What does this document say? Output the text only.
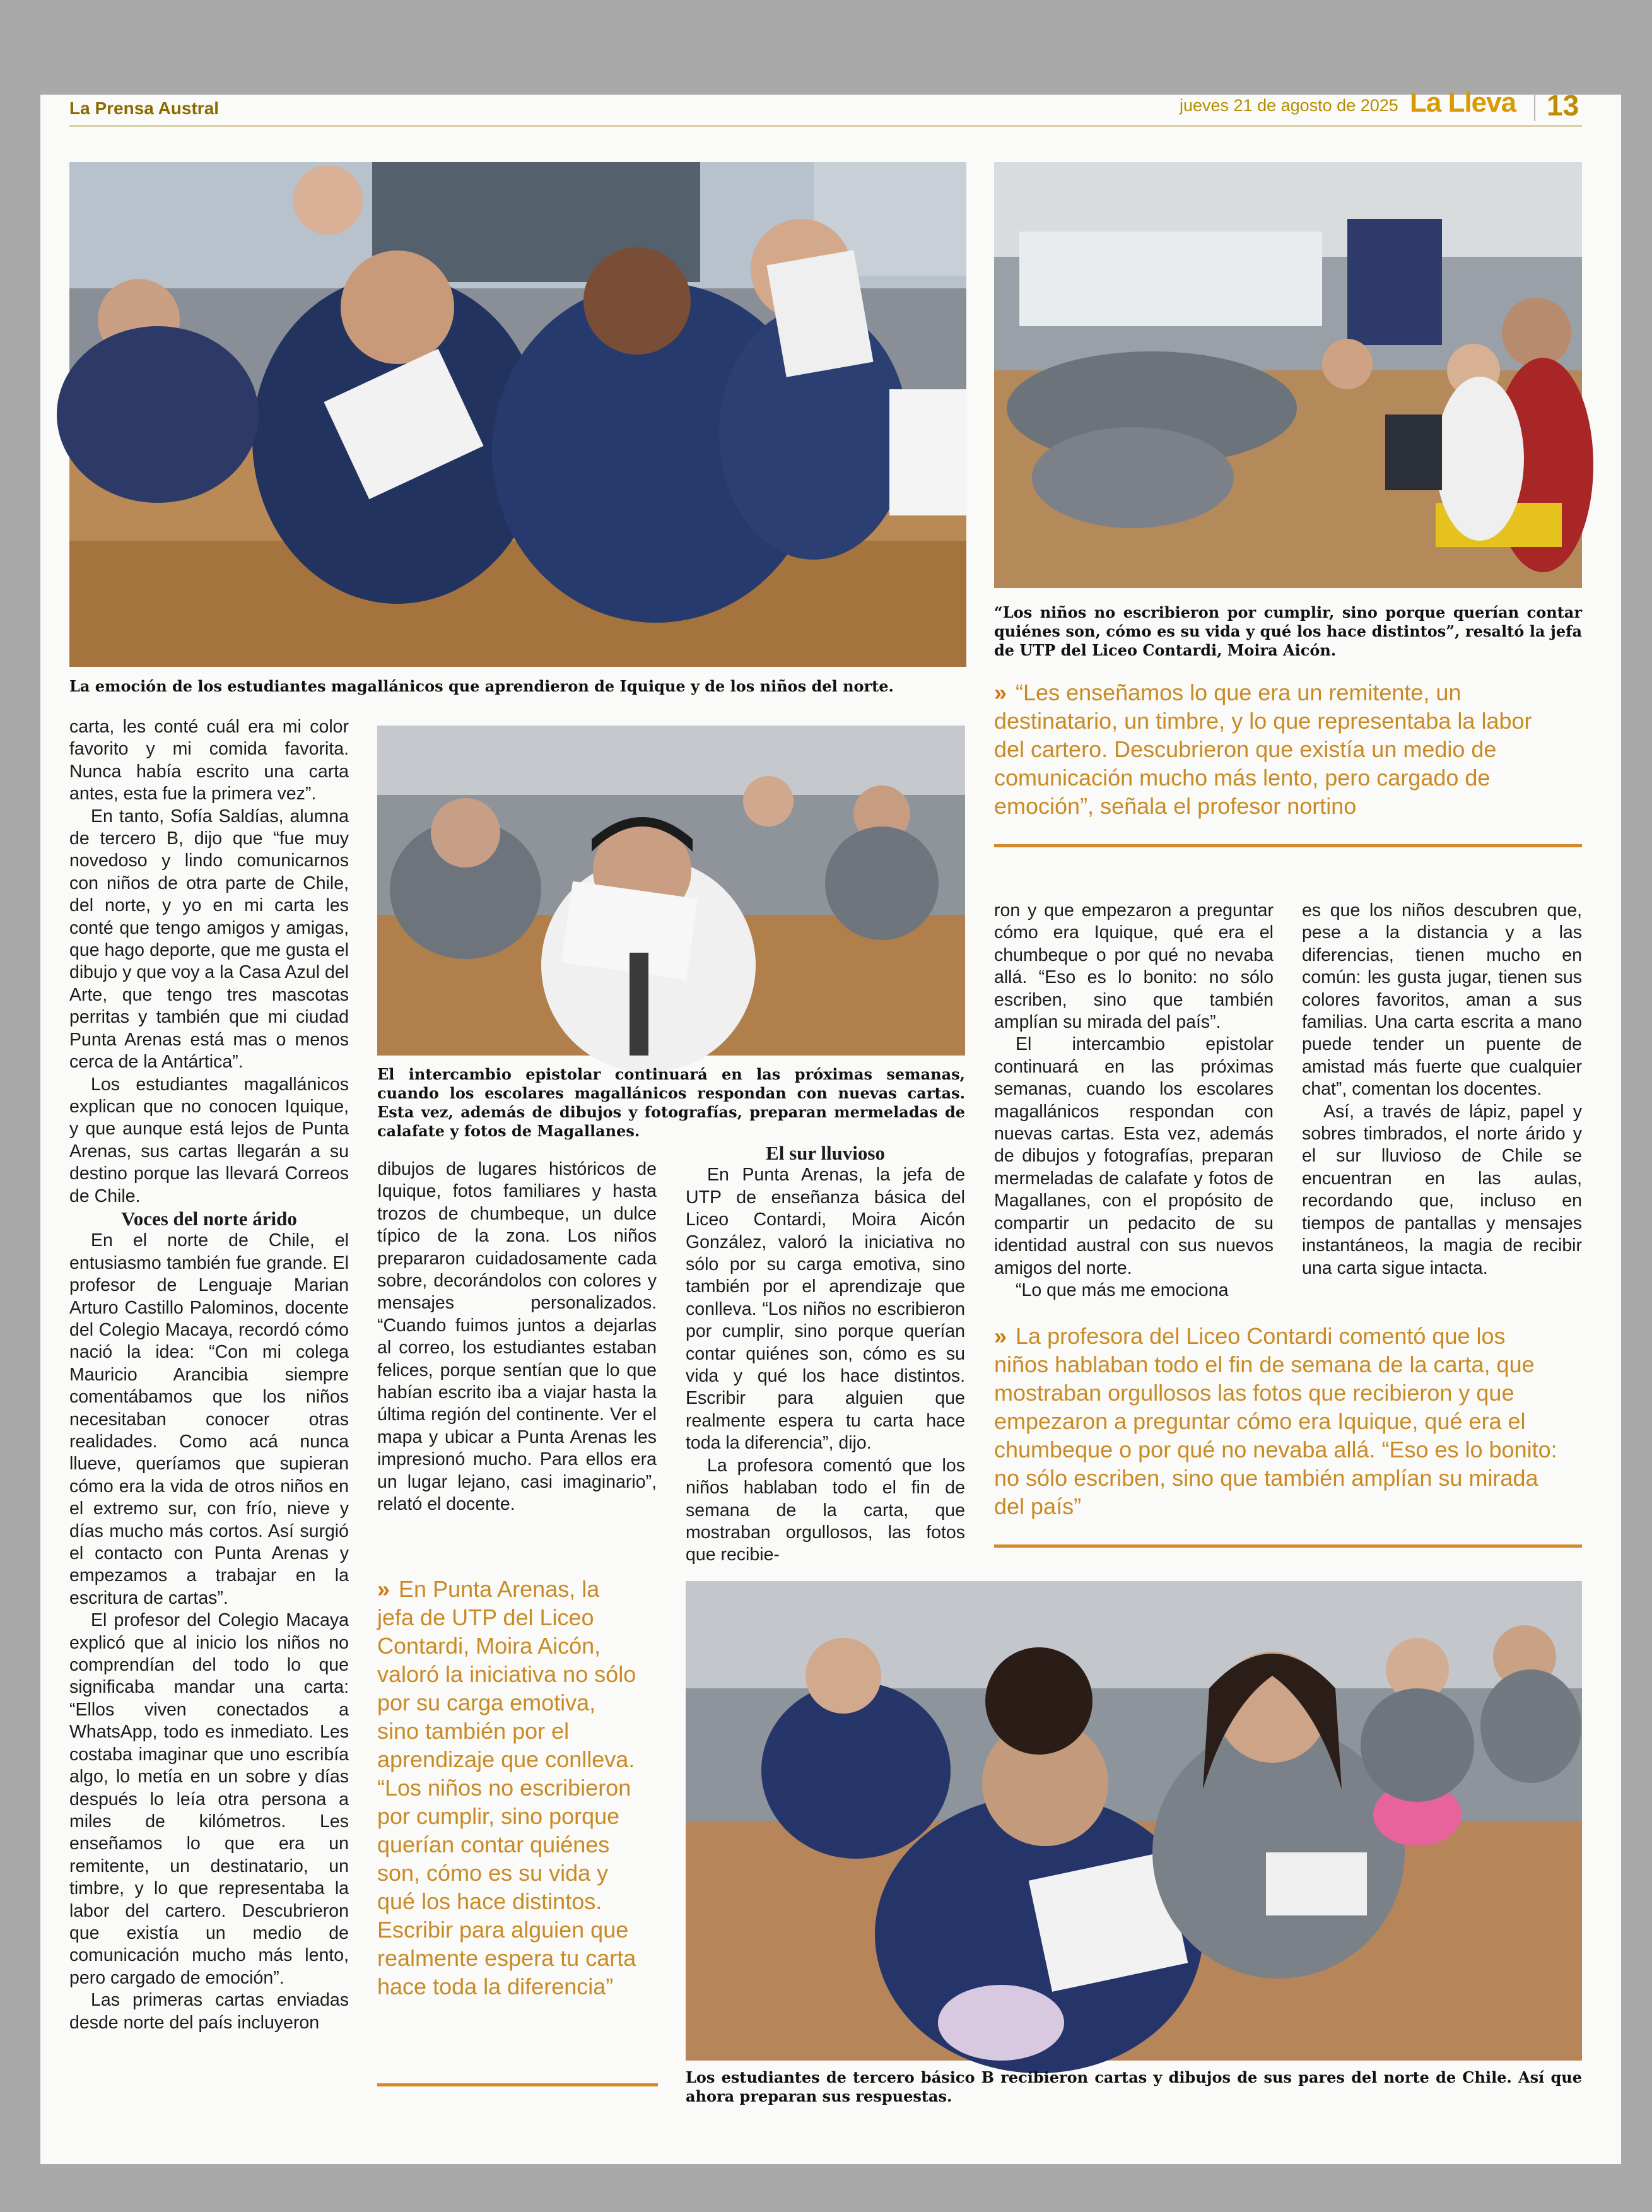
La Prensa Austral	jueves 21 de agosto de 2025 La Lleva 13
La emoción de los estudiantes magallánicos que aprendieron de Iquique y de los niños del norte.
“Los niños no escribieron por cumplir, sino porque querían contar quiénes son, cómo es su vida y qué los hace distintos”, resaltó la jefa de UTP del Liceo Contardi, Moira Aicón.
» “Les enseñamos lo que era un remitente, un destinatario, un timbre, y lo que representaba la labor del cartero. Descubrieron que existía un medio de comunicación mucho más lento, pero cargado de emoción”, señala el profesor nortino
El intercambio epistolar continuará en las próximas semanas, cuando los escolares magallánicos respondan con nuevas cartas. Esta vez, además de dibujos y fotografías, preparan mermeladas de calafate y fotos de Magallanes.

carta, les conté cuál era mi color favorito y mi comida favorita. Nunca había escrito una carta antes, esta fue la primera vez”.

En tanto, Sofía Saldías, alumna de tercero B, dijo que “fue muy novedoso y lindo comunicarnos con niños de otra parte de Chile, del norte, y yo en mi carta les conté que tengo amigos y amigas, que hago deporte, que me gusta el dibujo y que voy a la Casa Azul del Arte, que tengo tres mascotas perritas y también que mi ciudad Punta Arenas está mas o menos cerca de la Antártica”.

Los estudiantes magallánicos explican que no conocen Iquique, y que aunque está lejos de Punta Arenas, sus cartas llegarán a su destino porque las llevará Correos de Chile.

Voces del norte árido

En el norte de Chile, el entusiasmo también fue grande. El profesor de Lenguaje Marian Arturo Castillo Palominos, docente del Colegio Macaya, recordó cómo nació la idea: “Con mi colega Mauricio Arancibia siempre comentábamos que los niños necesitaban conocer otras realidades. Como acá nunca llueve, queríamos que supieran cómo era la vida de otros niños en el extremo sur, con frío, nieve y días mucho más cortos. Así surgió el contacto con Punta Arenas y empezamos a trabajar en la escritura de cartas”.

El profesor del Colegio Macaya explicó que al inicio los niños no comprendían del todo lo que significaba mandar una carta: “Ellos viven conectados a WhatsApp, todo es inmediato. Les costaba imaginar que uno escribía algo, lo metía en un sobre y días después lo leía otra persona a miles de kilómetros. Les enseñamos lo que era un remitente, un destinatario, un timbre, y lo que representaba la labor del cartero. Descubrieron que existía un medio de comunicación mucho más lento, pero cargado de emoción”.

Las primeras cartas enviadas desde norte del país incluyeron

dibujos de lugares históricos de Iquique, fotos familiares y hasta trozos de chumbeque, un dulce típico de la zona. Los niños prepararon cuidadosamente cada sobre, decorándolos con colores y mensajes personalizados. “Cuando fuimos juntos a dejarlas al correo, los estudiantes estaban felices, porque sentían que lo que habían escrito iba a viajar hasta la última región del continente. Ver el mapa y ubicar a Punta Arenas les impresionó mucho. Para ellos era un lugar lejano, casi imaginario”, relató el docente.

» En Punta Arenas, la jefa de UTP del Liceo Contardi, Moira Aicón, valoró la iniciativa no sólo por su carga emotiva, sino también por el aprendizaje que conlleva. “Los niños no escribieron por cumplir, sino porque querían contar quiénes son, cómo es su vida y qué los hace distintos. Escribir para alguien que realmente espera tu carta hace toda la diferencia”

El sur lluvioso

En Punta Arenas, la jefa de UTP de enseñanza básica del Liceo Contardi, Moira Aicón González, valoró la iniciativa no sólo por su carga emotiva, sino también por el aprendizaje que conlleva. “Los niños no escribieron por cumplir, sino porque querían contar quiénes son, cómo es su vida y qué los hace distintos. Escribir para alguien que realmente espera tu carta hace toda la diferencia”, dijo.

La profesora comentó que los niños hablaban todo el fin de semana de la carta, que mostraban orgullosos, las fotos que recibie-

ron y que empezaron a preguntar cómo era Iquique, qué era el chumbeque o por qué no nevaba allá. “Eso es lo bonito: no sólo escriben, sino que también amplían su mirada del país”.

El intercambio epistolar continuará en las próximas semanas, cuando los escolares magallánicos respondan con nuevas cartas. Esta vez, además de dibujos y fotografías, preparan mermeladas de calafate y fotos de Magallanes, con el propósito de compartir un pedacito de su identidad austral con sus nuevos amigos del norte.

“Lo que más me emociona

es que los niños descubren que, pese a la distancia y a las diferencias, tienen mucho en común: les gusta jugar, tienen sus colores favoritos, aman a sus familias. Una carta escrita a mano puede tender un puente de amistad más fuerte que cualquier chat”, comentan los docentes.

Así, a través de lápiz, papel y sobres timbrados, el norte árido y el sur lluvioso de Chile se encuentran en las aulas, recordando que, incluso en tiempos de pantallas y mensajes instantáneos, la magia de recibir una carta sigue intacta.

» La profesora del Liceo Contardi comentó que los niños hablaban todo el fin de semana de la carta, que mostraban orgullosos las fotos que recibieron y que empezaron a preguntar cómo era Iquique, qué era el chumbeque o por qué no nevaba allá. “Eso es lo bonito: no sólo escriben, sino que también amplían su mirada del país”
Los estudiantes de tercero básico B recibieron cartas y dibujos de sus pares del norte de Chile. Así que ahora preparan sus respuestas.
